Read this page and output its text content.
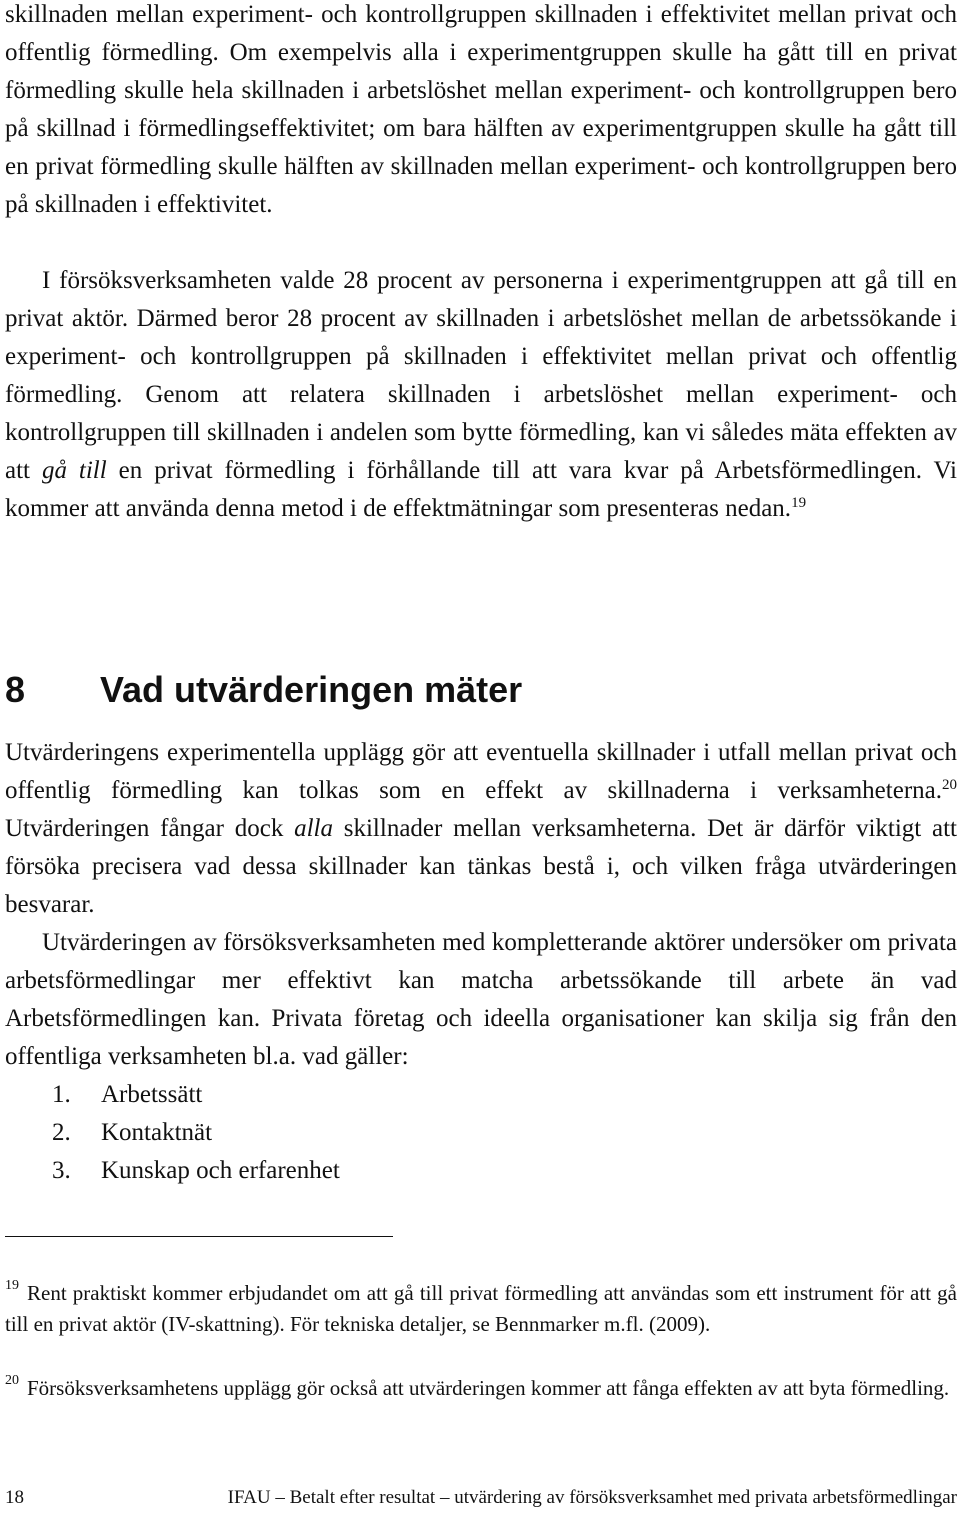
skillnaden mellan experiment- och kontrollgruppen skillnaden i effektivitet mellan privat och offentlig förmedling. Om exempelvis alla i experimentgruppen skulle ha gått till en privat förmedling skulle hela skillnaden i arbetslöshet mellan experiment- och kontrollgruppen bero på skillnad i förmedlingseffektivitet; om bara hälften av experimentgruppen skulle ha gått till en privat förmedling skulle hälften av skillnaden mellan experiment- och kontrollgruppen bero på skillnaden i effektivitet.

I försöksverksamheten valde 28 procent av personerna i experimentgruppen att gå till en privat aktör. Därmed beror 28 procent av skillnaden i arbetslöshet mellan de arbetssökande i experiment- och kontrollgruppen på skillnaden i effektivitet mellan privat och offentlig förmedling. Genom att relatera skillnaden i arbetslöshet mellan experiment- och kontrollgruppen till skillnaden i andelen som bytte förmedling, kan vi således mäta effekten av att gå till en privat förmedling i förhållande till att vara kvar på Arbetsförmedlingen. Vi kommer att använda denna metod i de effektmätningar som presenteras nedan.$^{19}$

8 Vad utvärderingen mäter

Utvärderingens experimentella upplägg gör att eventuella skillnader i utfall mellan privat och offentlig förmedling kan tolkas som en effekt av skillnaderna i verksamheterna.$^{20}$ Utvärderingen fångar dock alla skillnader mellan verksamheterna. Det är därför viktigt att försöka precisera vad dessa skillnader kan tänkas bestå i, och vilken fråga utvärderingen besvarar.

Utvärderingen av försöksverksamheten med kompletterande aktörer undersöker om privata arbetsförmedlingar mer effektivt kan matcha arbetssökande till arbete än vad Arbetsförmedlingen kan. Privata företag och ideella organisationer kan skilja sig från den offentliga verksamheten bl.a. vad gäller:

1.	Arbetssätt
2.	Kontaktnät
3.	Kunskap och erfarenhet

$^{19}$ Rent praktiskt kommer erbjudandet om att gå till privat förmedling att användas som ett instrument för att gå till en privat aktör (IV-skattning). För tekniska detaljer, se Bennmarker m.fl. (2009).

$^{20}$ Försöksverksamhetens upplägg gör också att utvärderingen kommer att fånga effekten av att byta förmedling.

18	IFAU – Betalt efter resultat – utvärdering av försöksverksamhet med privata arbetsförmedlingar
